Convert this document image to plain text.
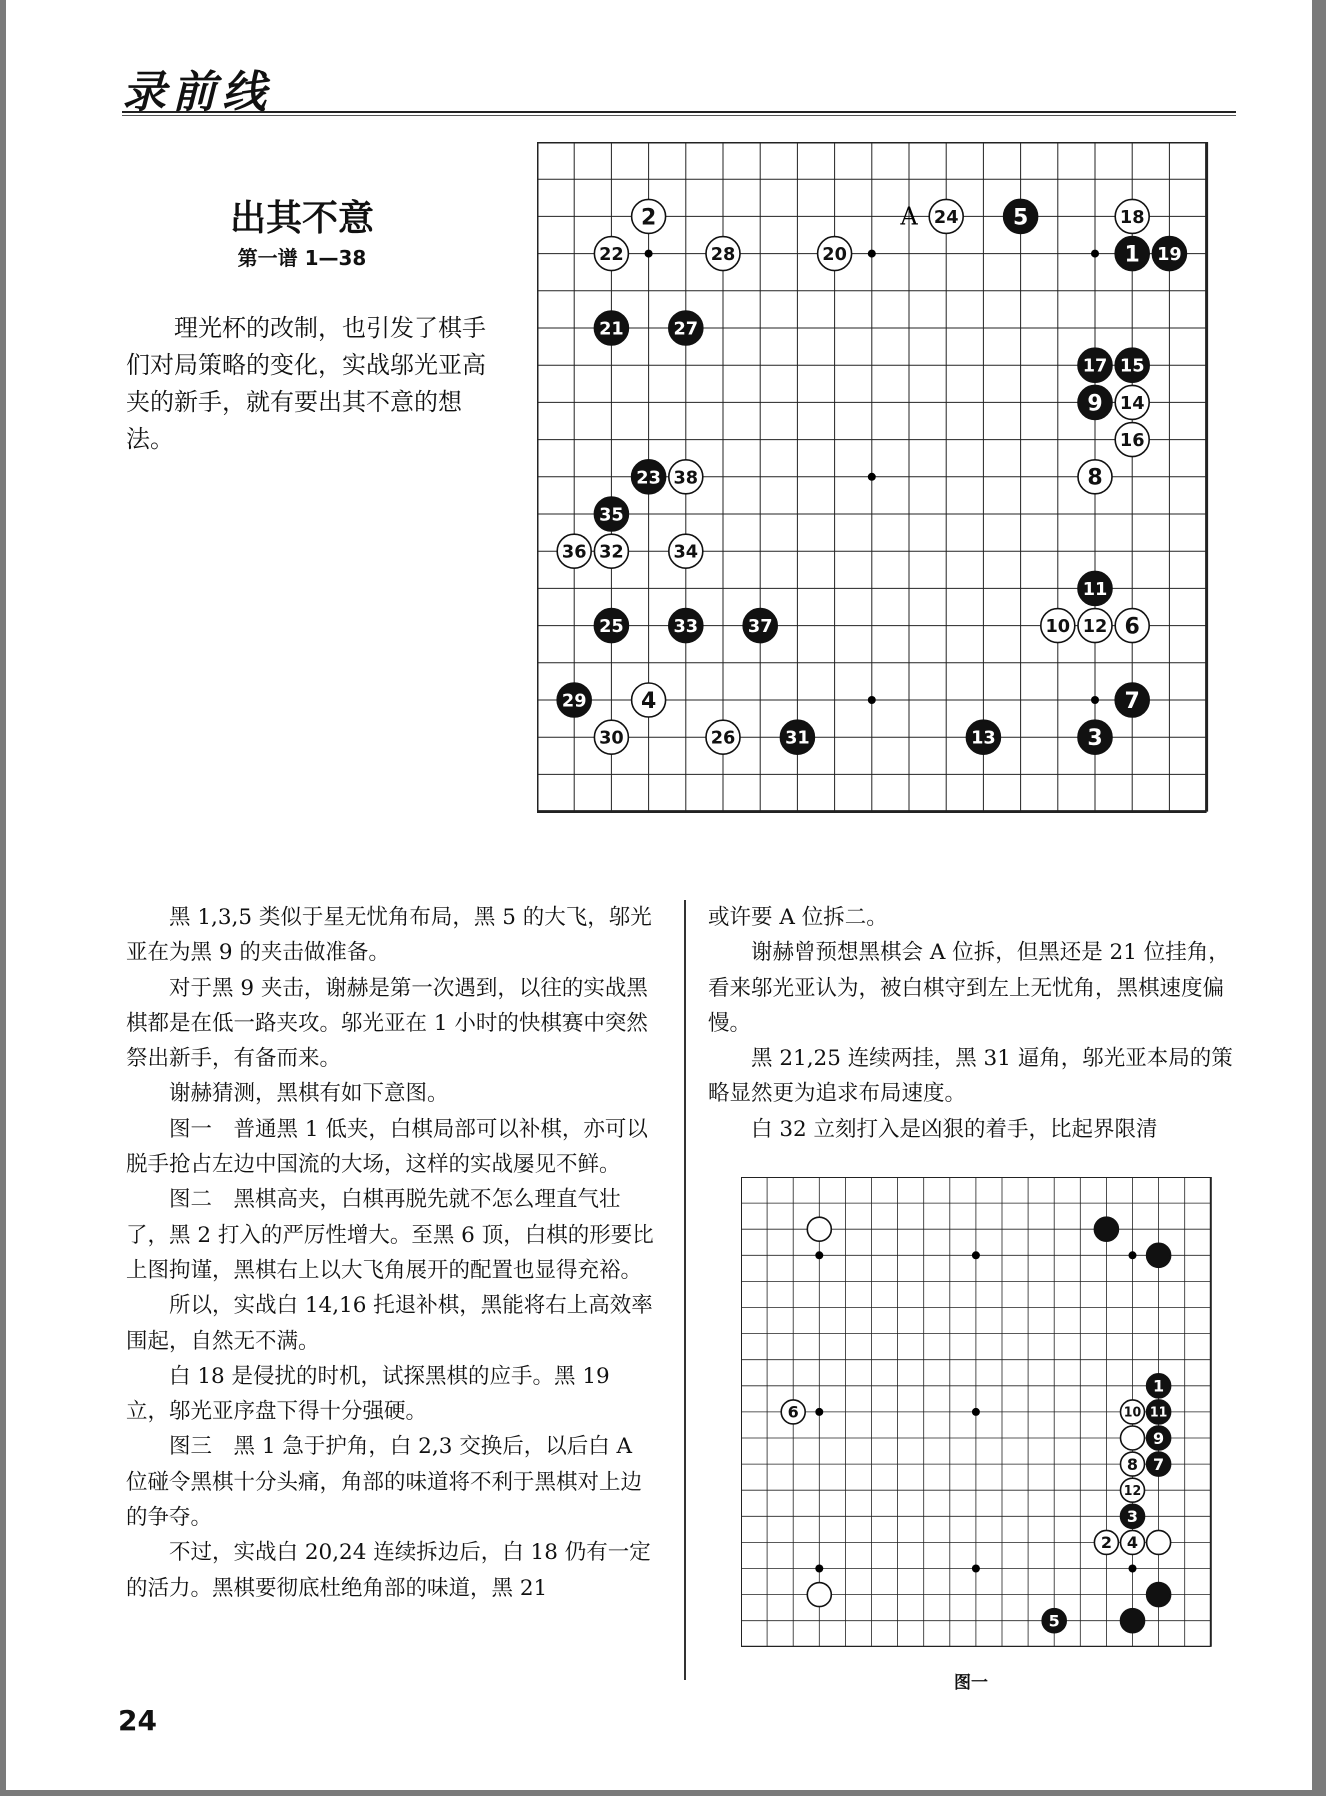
录前线
出其不意
第一谱 1—38

理光杯的改制，也引发了棋手们对局策略的变化，实战邬光亚高夹的新手，就有要出其不意的想法。

A
2	24 5	18
22	28	20	1 19
21	27
17 15
9 14
16
23 38	8
35
36 32	34
11
25	33	37	10 12 6
29 4	7
30	26	31	13	3
1
6	10 11
9
8 7
12
3
2 4
5
图一

黑 1,3,5 类似于星无忧角布局，黑 5 的大飞，邬光亚在为黑 9 的夹击做准备。

对于黑 9 夹击，谢赫是第一次遇到，以往的实战黑棋都是在低一路夹攻。邬光亚在 1 小时的快棋赛中突然祭出新手，有备而来。

谢赫猜测，黑棋有如下意图。

图一　普通黑 1 低夹，白棋局部可以补棋，亦可以脱手抢占左边中国流的大场，这样的实战屡见不鲜。

图二　黑棋高夹，白棋再脱先就不怎么理直气壮了，黑 2 打入的严厉性增大。至黑 6 顶，白棋的形要比上图拘谨，黑棋右上以大飞角展开的配置也显得充裕。

所以，实战白 14,16 托退补棋，黑能将右上高效率围起，自然无不满。

白 18 是侵扰的时机，试探黑棋的应手。黑 19 立，邬光亚序盘下得十分强硬。

图三　黑 1 急于护角，白 2,3 交换后，以后白 A 位碰令黑棋十分头痛，角部的味道将不利于黑棋对上边的争夺。

不过，实战白 20,24 连续拆边后，白 18 仍有一定的活力。黑棋要彻底杜绝角部的味道，黑 21

或许要 A 位拆二。

谢赫曾预想黑棋会 A 位拆，但黑还是 21 位挂角，看来邬光亚认为，被白棋守到左上无忧角，黑棋速度偏慢。

黑 21,25 连续两挂，黑 31 逼角，邬光亚本局的策略显然更为追求布局速度。

白 32 立刻打入是凶狠的着手，比起界限清

24
